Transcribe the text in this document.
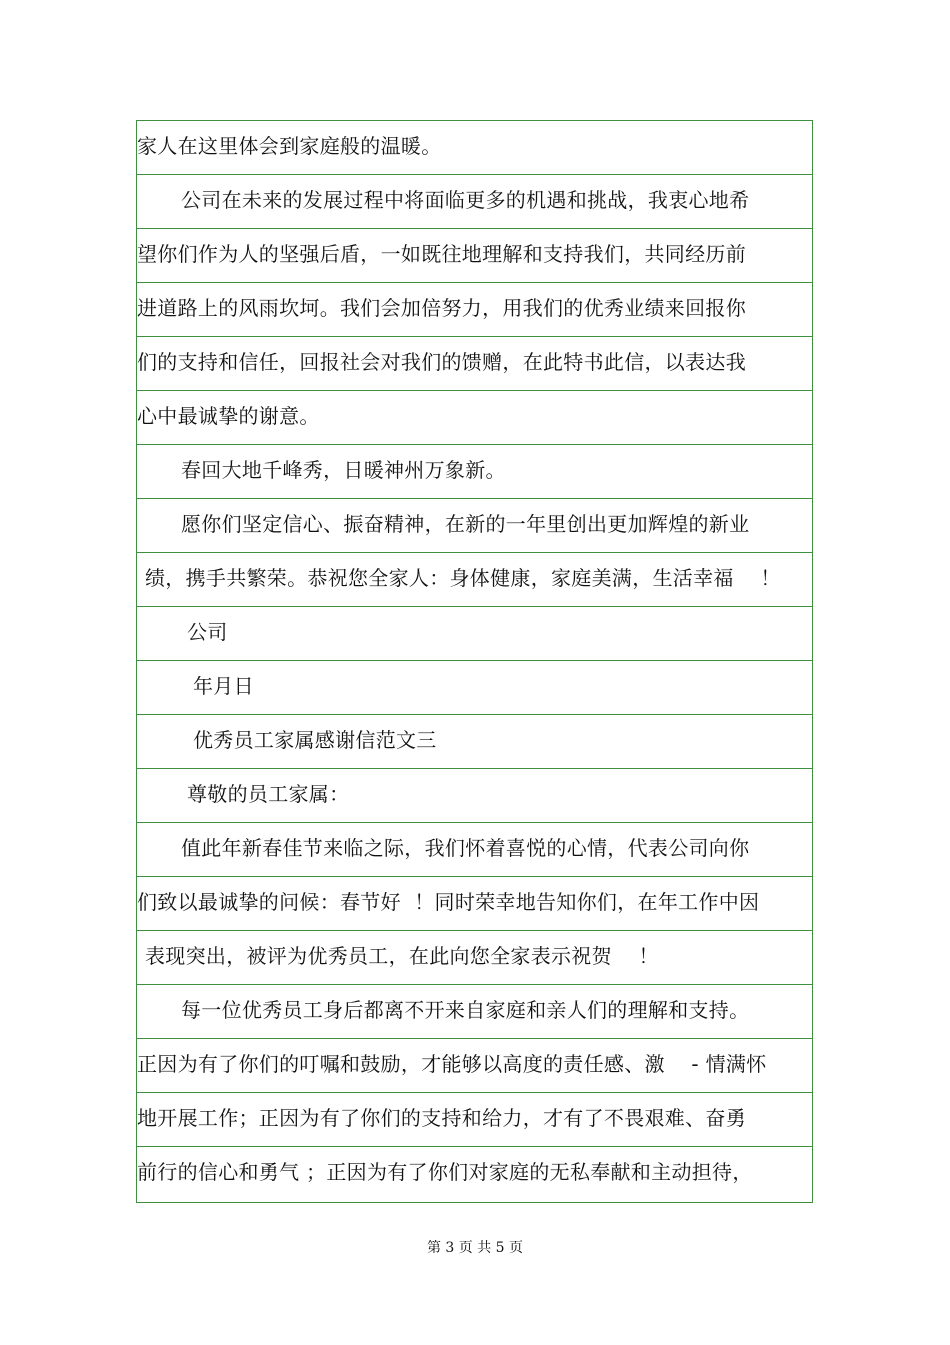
家人在这里体会到家庭般的温暖。
公司在未来的发展过程中将面临更多的机遇和挑战，我衷心地希
望你们作为人的坚强后盾，一如既往地理解和支持我们，共同经历前
进道路上的风雨坎坷。我们会加倍努力，用我们的优秀业绩来回报你
们的支持和信任，回报社会对我们的馈赠，在此特书此信，以表达我
心中最诚挚的谢意。
春回大地千峰秀，日暖神州万象新。
愿你们坚定信心、振奋精神，在新的一年里创出更加辉煌的新业
绩，携手共繁荣。恭祝您全家人：身体健康，家庭美满，生活幸福    ！
公司
年月日
优秀员工家属感谢信范文三
尊敬的员工家属：
值此年新春佳节来临之际，我们怀着喜悦的心情，代表公司向你
们致以最诚挚的问候：春节好  ！同时荣幸地告知你们，在年工作中因
表现突出，被评为优秀员工，在此向您全家表示祝贺    ！
每一位优秀员工身后都离不开来自家庭和亲人们的理解和支持。
正因为有了你们的叮嘱和鼓励，才能够以高度的责任感、激    - 情满怀
地开展工作；正因为有了你们的支持和给力，才有了不畏艰难、奋勇
前行的信心和勇气 ；正因为有了你们对家庭的无私奉献和主动担待，
第 3 页 共 5 页
